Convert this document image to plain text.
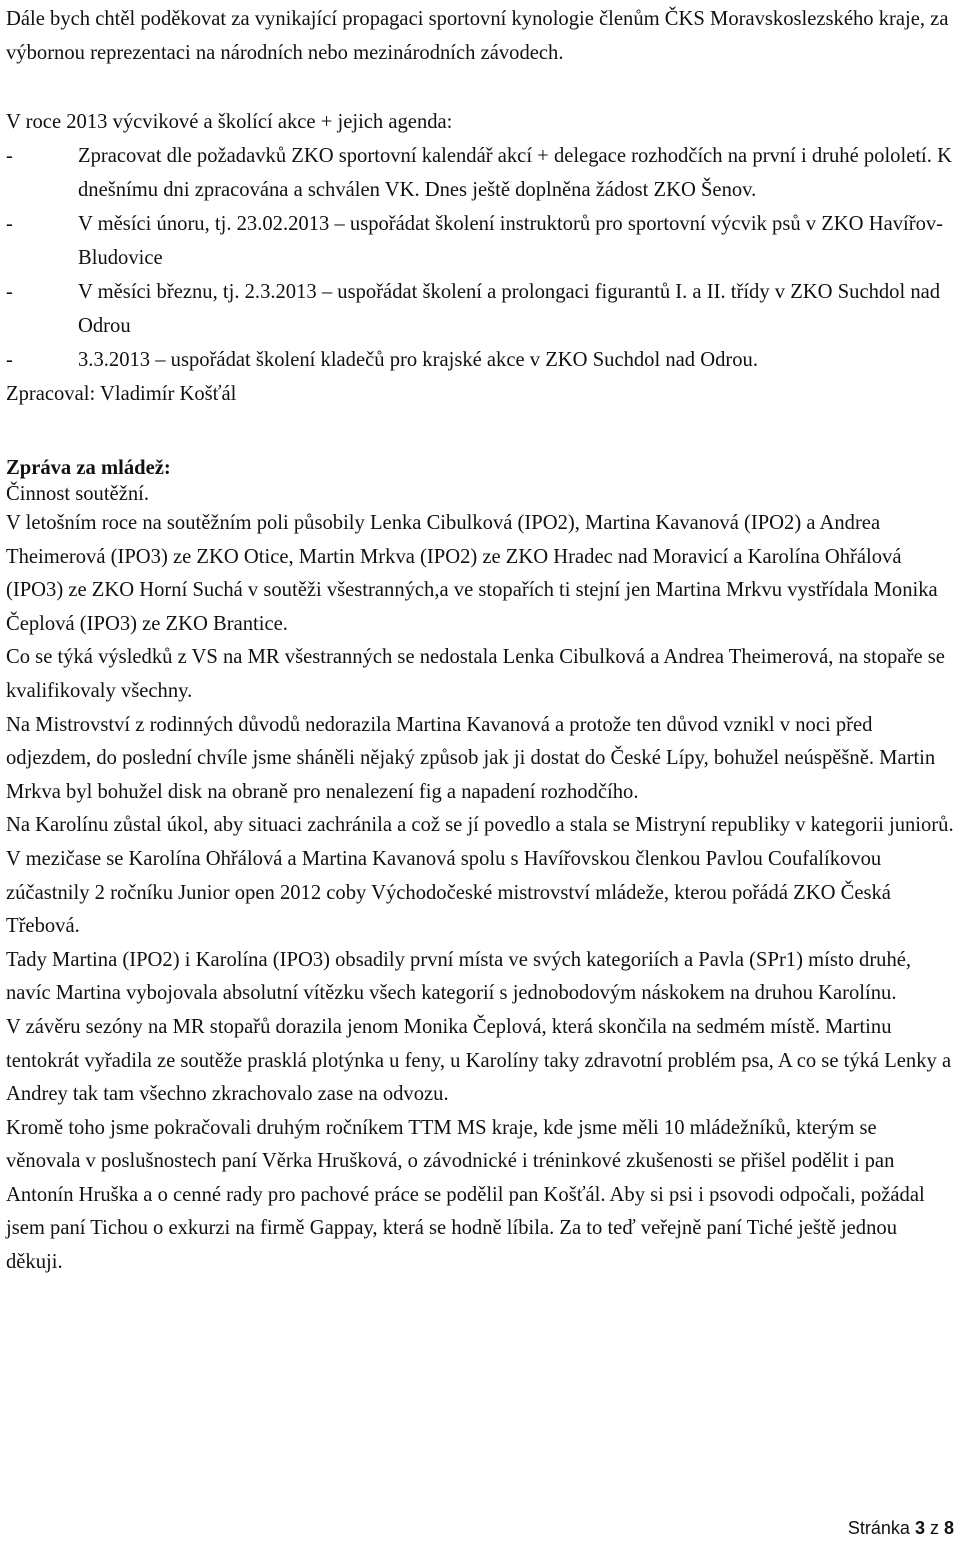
Dále bych chtěl poděkovat za vynikající propagaci sportovní kynologie členům ČKS Moravskoslezského kraje, za výbornou reprezentaci na národních nebo mezinárodních závodech.

V roce 2013 výcvikové a školící akce + jejich agenda:

-	Zpracovat dle požadavků ZKO sportovní kalendář akcí + delegace rozhodčích na první i druhé pololetí. K dnešnímu dni zpracována a schválen VK. Dnes ještě doplněna žádost ZKO Šenov.
-	V měsíci únoru, tj. 23.02.2013 – uspořádat školení instruktorů pro sportovní výcvik psů v ZKO Havířov-Bludovice
-	V měsíci březnu, tj. 2.3.2013 – uspořádat školení a prolongaci figurantů I. a II. třídy v ZKO Suchdol nad Odrou
-	3.3.2013 – uspořádat školení kladečů pro krajské akce v ZKO Suchdol nad Odrou.

Zpracoval: Vladimír Košťál

Zpráva za mládež:

Činnost soutěžní.

V letošním roce na soutěžním poli působily Lenka Cibulková (IPO2), Martina Kavanová (IPO2) a Andrea Theimerová (IPO3) ze ZKO Otice, Martin Mrkva (IPO2) ze ZKO Hradec nad Moravicí a Karolína Ohřálová (IPO3) ze ZKO Horní Suchá v soutěži všestranných,a ve stopařích ti stejní jen Martina Mrkvu vystřídala Monika Čeplová (IPO3) ze ZKO Brantice.

Co se týká výsledků z VS na MR všestranných se nedostala Lenka Cibulková a Andrea Theimerová, na stopaře se kvalifikovaly všechny.

Na Mistrovství z rodinných důvodů nedorazila Martina Kavanová a protože ten důvod vznikl v noci před odjezdem, do poslední chvíle jsme sháněli nějaký způsob jak ji dostat do České Lípy, bohužel neúspěšně. Martin Mrkva byl bohužel disk na obraně pro nenalezení fig a napadení rozhodčího.

Na Karolínu zůstal úkol, aby situaci zachránila a což se jí povedlo a stala se Mistryní republiky v kategorii juniorů.

V mezičase se Karolína Ohřálová a Martina Kavanová spolu s Havířovskou členkou Pavlou Coufalíkovou zúčastnily 2 ročníku Junior open 2012 coby Východočeské mistrovství mládeže, kterou pořádá ZKO Česká Třebová.

Tady Martina (IPO2) i Karolína (IPO3) obsadily první místa ve svých kategoriích a Pavla (SPr1) místo druhé, navíc Martina vybojovala absolutní vítězku všech kategorií s jednobodovým náskokem na druhou Karolínu.

V závěru sezóny na MR stopařů dorazila jenom Monika Čeplová, která skončila na sedmém místě. Martinu tentokrát vyřadila ze soutěže prasklá plotýnka u feny, u Karolíny taky zdravotní problém psa, A co se týká Lenky a Andrey tak tam všechno zkrachovalo zase na odvozu.

Kromě toho jsme pokračovali druhým ročníkem TTM MS kraje, kde jsme měli 10 mládežníků, kterým se věnovala v poslušnostech paní Věrka Hrušková, o závodnické i tréninkové zkušenosti se přišel podělit i pan Antonín Hruška a o cenné rady pro pachové práce se podělil pan Košťál. Aby si psi i psovodi odpočali, požádal jsem paní Tichou o exkurzi na firmě Gappay, která se hodně líbila. Za to teď veřejně paní Tiché ještě jednou děkuji.

Stránka 3 z 8
